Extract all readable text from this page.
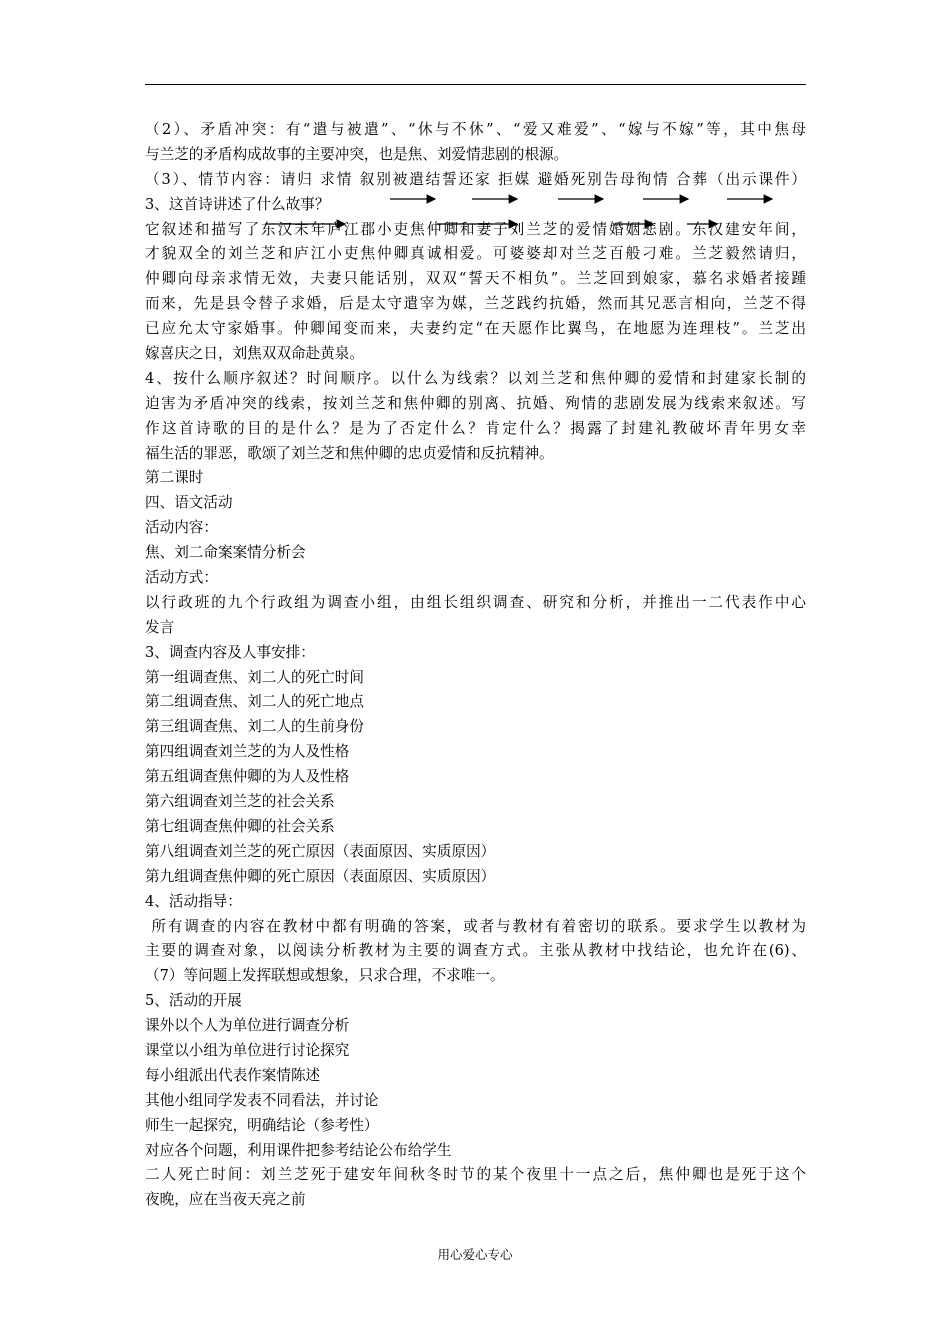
（2）、矛盾冲突：有“遣与被遣”、“休与不休”、“爱又难爱”、“嫁与不嫁”等，其中焦母
与兰芝的矛盾构成故事的主要冲突，也是焦、刘爱情悲剧的根源。
（3）、情节内容：请归 求情 叙别被遣结誓还家 拒媒 避婚死别告母徇情 合葬（出示课件）
3、这首诗讲述了什么故事？
它叙述和描写了东汉末年庐江郡小吏焦仲卿和妻子刘兰芝的爱情婚姻悲剧。东汉建安年间，
才貌双全的刘兰芝和庐江小吏焦仲卿真诚相爱。可婆婆却对兰芝百般刁难。兰芝毅然请归，
仲卿向母亲求情无效，夫妻只能话别，双双“誓天不相负”。兰芝回到娘家，慕名求婚者接踵
而来，先是县令替子求婚，后是太守遣宰为媒，兰芝践约抗婚，然而其兄恶言相向，兰芝不得
已应允太守家婚事。仲卿闻变而来，夫妻约定“在天愿作比翼鸟，在地愿为连理枝”。兰芝出
嫁喜庆之日，刘焦双双命赴黄泉。
4、按什么顺序叙述？时间顺序。以什么为线索？以刘兰芝和焦仲卿的爱情和封建家长制的
迫害为矛盾冲突的线索，按刘兰芝和焦仲卿的别离、抗婚、殉情的悲剧发展为线索来叙述。写
作这首诗歌的目的是什么？是为了否定什么？肯定什么？揭露了封建礼教破坏青年男女幸
福生活的罪恶，歌颂了刘兰芝和焦仲卿的忠贞爱情和反抗精神。
第二课时
四、语文活动
活动内容：
焦、刘二命案案情分析会
活动方式：
以行政班的九个行政组为调查小组，由组长组织调查、研究和分析，并推出一二代表作中心
发言
3、调查内容及人事安排：
第一组调查焦、刘二人的死亡时间
第二组调查焦、刘二人的死亡地点
第三组调查焦、刘二人的生前身份
第四组调查刘兰芝的为人及性格
第五组调查焦仲卿的为人及性格
第六组调查刘兰芝的社会关系
第七组调查焦仲卿的社会关系
第八组调查刘兰芝的死亡原因（表面原因、实质原因）
第九组调查焦仲卿的死亡原因（表面原因、实质原因）
4、活动指导：
所有调查的内容在教材中都有明确的答案，或者与教材有着密切的联系。要求学生以教材为
主要的调查对象，以阅读分析教材为主要的调查方式。主张从教材中找结论，也允许在(6)、
（7）等问题上发挥联想或想象，只求合理，不求唯一。
5、活动的开展
课外以个人为单位进行调查分析
课堂以小组为单位进行讨论探究
每小组派出代表作案情陈述
其他小组同学发表不同看法，并讨论
师生一起探究，明确结论（参考性）
对应各个问题，利用课件把参考结论公布给学生
二人死亡时间：刘兰芝死于建安年间秋冬时节的某个夜里十一点之后，焦仲卿也是死于这个
夜晚，应在当夜天亮之前
用心爱心专心
